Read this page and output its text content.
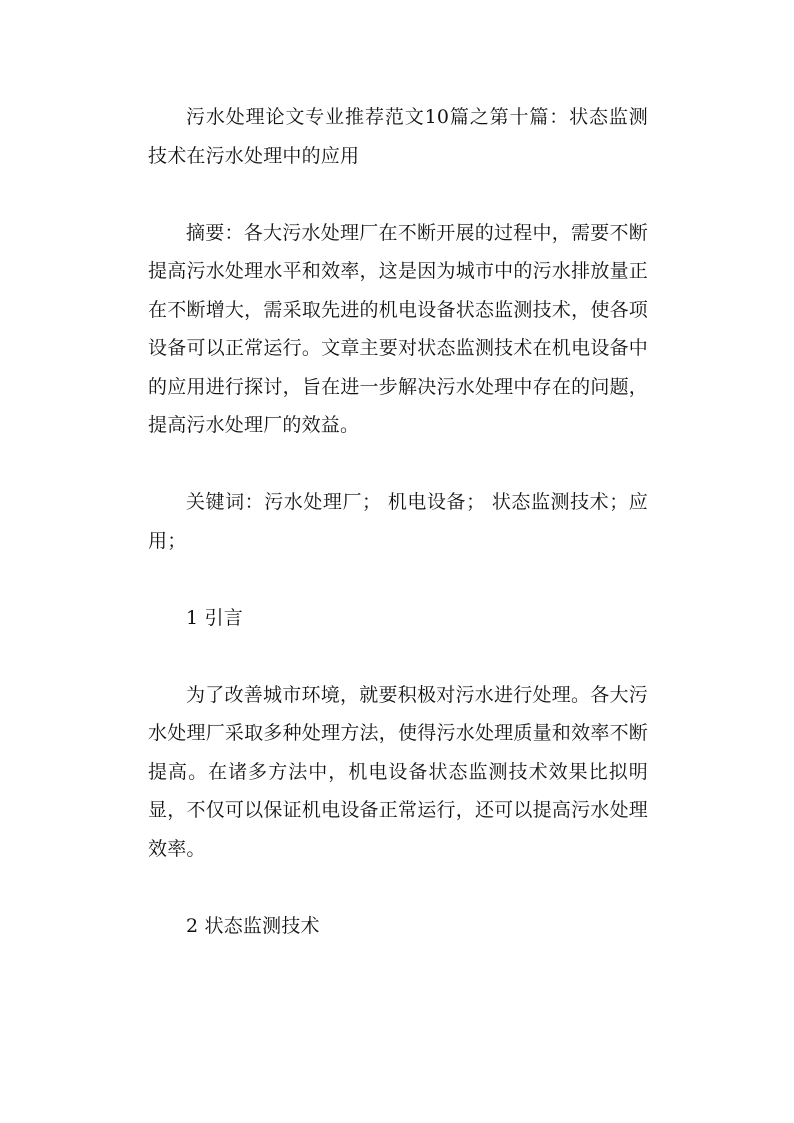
污水处理论文专业推荐范文10篇之第十篇：状态监测技术在污水处理中的应用

摘要：各大污水处理厂在不断开展的过程中，需要不断提高污水处理水平和效率，这是因为城市中的污水排放量正在不断增大，需采取先进的机电设备状态监测技术，使各项设备可以正常运行。文章主要对状态监测技术在机电设备中的应用进行探讨，旨在进一步解决污水处理中存在的问题，提高污水处理厂的效益。

关键词：污水处理厂； 机电设备； 状态监测技术；应用；

1 引言

为了改善城市环境，就要积极对污水进行处理。各大污水处理厂采取多种处理方法，使得污水处理质量和效率不断提高。在诸多方法中，机电设备状态监测技术效果比拟明显，不仅可以保证机电设备正常运行，还可以提高污水处理效率。

2 状态监测技术
